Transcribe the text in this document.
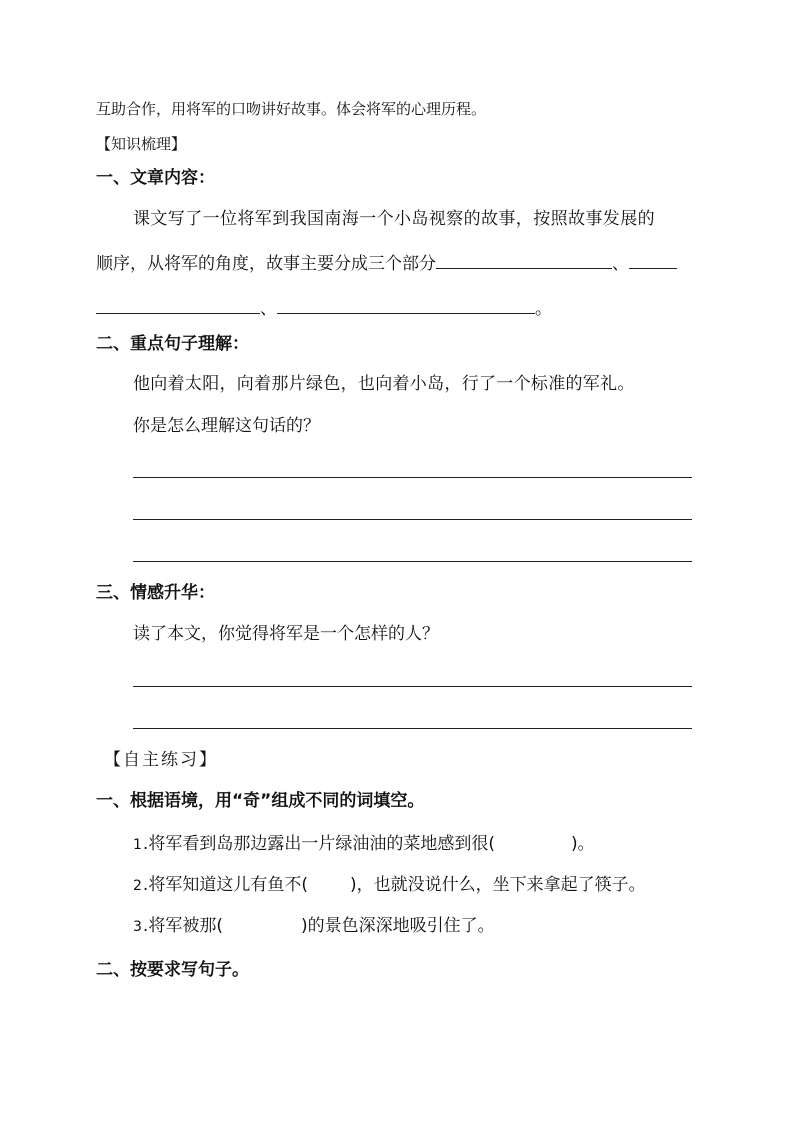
互助合作，用将军的口吻讲好故事。体会将军的心理历程。
【知识梳理】
一、文章内容：
课文写了一位将军到我国南海一个小岛视察的故事，按照故事发展的
顺序，从将军的角度，故事主要分成三个部分	、
、	。
二、重点句子理解：
他向着太阳，向着那片绿色，也向着小岛，行了一个标准的军礼。
你是怎么理解这句话的？
三、情感升华：
读了本文，你觉得将军是一个怎样的人？
【自主练习】
一、根据语境，用“奇”组成不同的词填空。
1.将军看到岛那边露出一片绿油油的菜地感到很(	)。
2.将军知道这儿有鱼不( )，也就没说什么，坐下来拿起了筷子。
3.将军被那(	)的景色深深地吸引住了。
二、按要求写句子。
